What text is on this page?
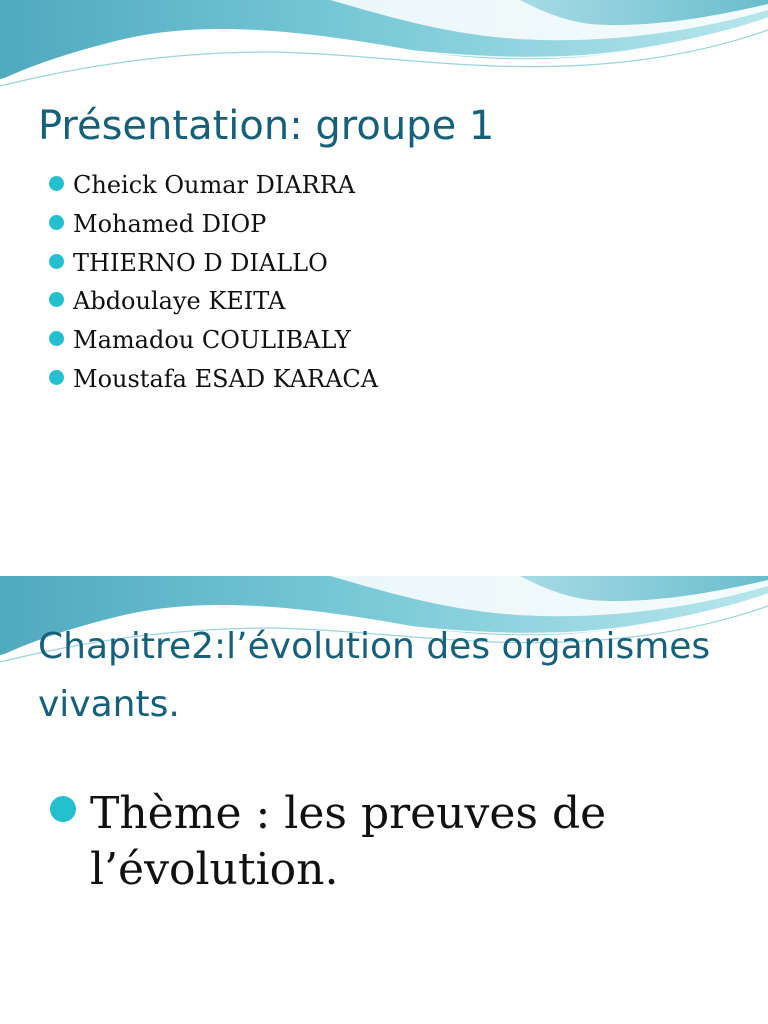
Présentation: groupe 1
Cheick Oumar DIARRA
Mohamed DIOP
THIERNO D DIALLO
Abdoulaye KEITA
Mamadou COULIBALY
Moustafa ESAD KARACA
Chapitre2:l’évolution des organismes vivants.
Thème : les preuves de l’évolution.
